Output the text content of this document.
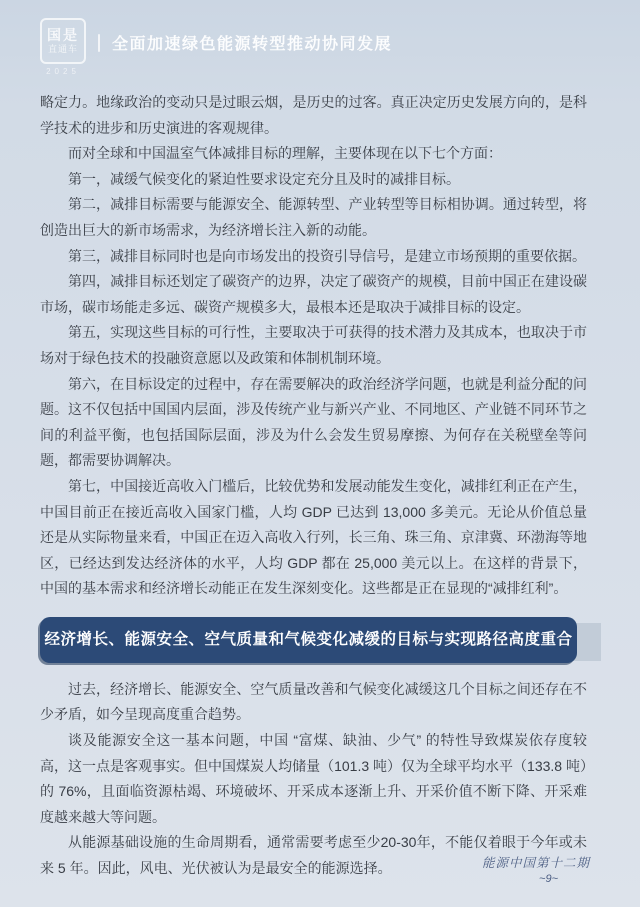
国是
直通车
2025
全面加速绿色能源转型推动协同发展

略定力。地缘政治的变动只是过眼云烟，是历史的过客。真正决定历史发展方向的，是科学技术的进步和历史演进的客观规律。

而对全球和中国温室气体减排目标的理解，主要体现在以下七个方面：

第一，减缓气候变化的紧迫性要求设定充分且及时的减排目标。

第二，减排目标需要与能源安全、能源转型、产业转型等目标相协调。通过转型，将创造出巨大的新市场需求，为经济增长注入新的动能。

第三，减排目标同时也是向市场发出的投资引导信号，是建立市场预期的重要依据。

第四，减排目标还划定了碳资产的边界，决定了碳资产的规模，目前中国正在建设碳市场，碳市场能走多远、碳资产规模多大，最根本还是取决于减排目标的设定。

第五，实现这些目标的可行性，主要取决于可获得的技术潜力及其成本，也取决于市场对于绿色技术的投融资意愿以及政策和体制机制环境。

第六，在目标设定的过程中，存在需要解决的政治经济学问题，也就是利益分配的问题。这不仅包括中国国内层面，涉及传统产业与新兴产业、不同地区、产业链不同环节之间的利益平衡，也包括国际层面，涉及为什么会发生贸易摩擦、为何存在关税壁垒等问题，都需要协调解决。

第七，中国接近高收入门槛后，比较优势和发展动能发生变化，减排红利正在产生，中国目前正在接近高收入国家门槛，人均 GDP 已达到 13,000 多美元。无论从价值总量还是从实际物量来看，中国正在迈入高收入行列，长三角、珠三角、京津冀、环渤海等地区，已经达到发达经济体的水平，人均 GDP 都在 25,000 美元以上。在这样的背景下，中国的基本需求和经济增长动能正在发生深刻变化。这些都是正在显现的“减排红利”。

经济增长、能源安全、空气质量和气候变化减缓的目标与实现路径高度重合

过去，经济增长、能源安全、空气质量改善和气候变化减缓这几个目标之间还存在不少矛盾，如今呈现高度重合趋势。

谈及能源安全这一基本问题，中国 “富煤、缺油、少气” 的特性导致煤炭依存度较高，这一点是客观事实。但中国煤炭人均储量（101.3 吨）仅为全球平均水平（133.8 吨）的 76%，且面临资源枯竭、环境破坏、开采成本逐渐上升、开采价值不断下降、开采难度越来越大等问题。

从能源基础设施的生命周期看，通常需要考虑至少20-30年，不能仅着眼于今年或未来 5 年。因此，风电、光伏被认为是最安全的能源选择。	能源中国第十二期
~9~
